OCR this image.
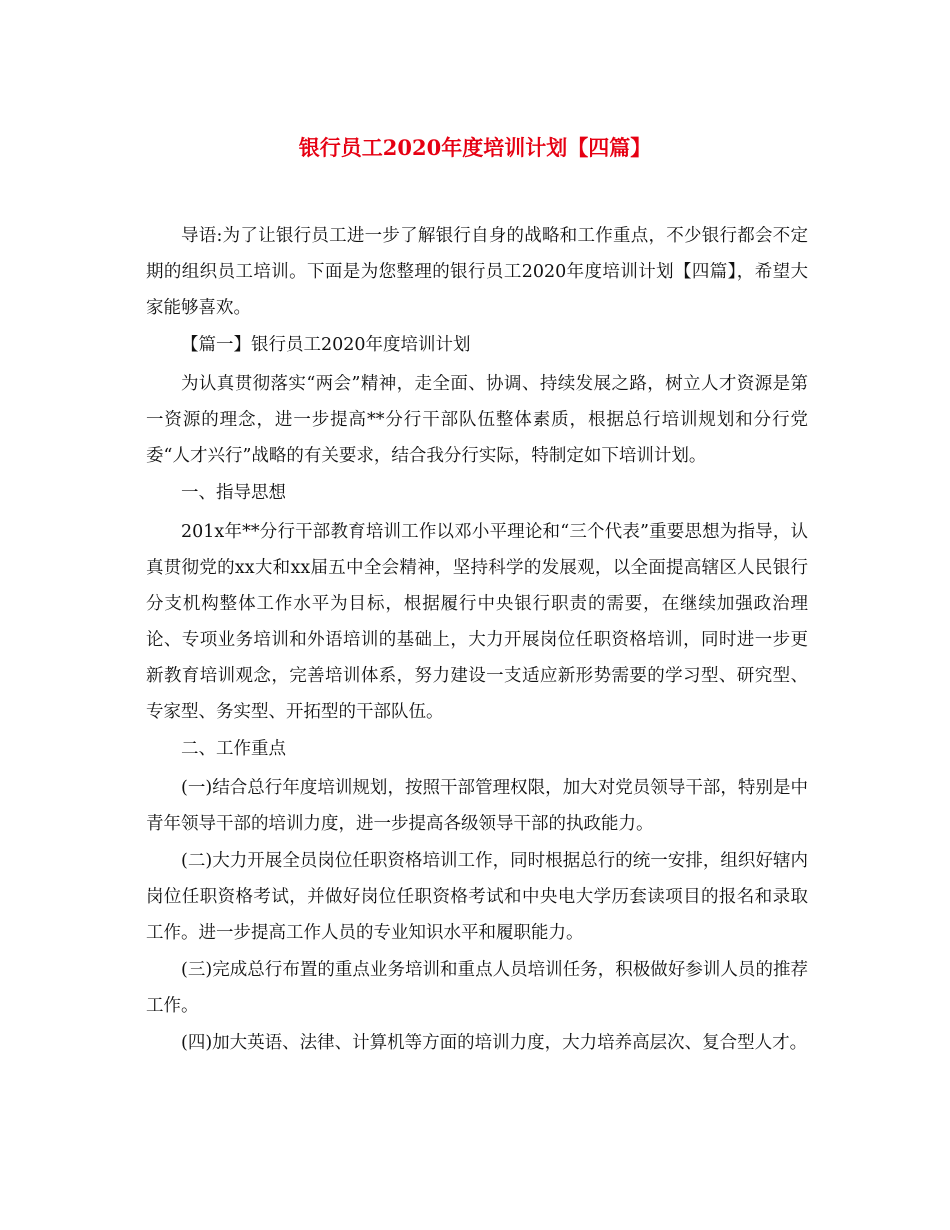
银行员工2020年度培训计划【四篇】

导语:为了让银行员工进一步了解银行自身的战略和工作重点，不少银行都会不定期的组织员工培训。下面是为您整理的银行员工2020年度培训计划【四篇】，希望大家能够喜欢。

【篇一】银行员工2020年度培训计划

为认真贯彻落实“两会”精神，走全面、协调、持续发展之路，树立人才资源是第一资源的理念，进一步提高**分行干部队伍整体素质，根据总行培训规划和分行党委“人才兴行”战略的有关要求，结合我分行实际，特制定如下培训计划。

一、指导思想

201x年**分行干部教育培训工作以邓小平理论和“三个代表”重要思想为指导，认真贯彻党的xx大和xx届五中全会精神，坚持科学的发展观，以全面提高辖区人民银行分支机构整体工作水平为目标，根据履行中央银行职责的需要，在继续加强政治理论、专项业务培训和外语培训的基础上，大力开展岗位任职资格培训，同时进一步更新教育培训观念，完善培训体系，努力建设一支适应新形势需要的学习型、研究型、专家型、务实型、开拓型的干部队伍。

二、工作重点

(一)结合总行年度培训规划，按照干部管理权限，加大对党员领导干部，特别是中青年领导干部的培训力度，进一步提高各级领导干部的执政能力。

(二)大力开展全员岗位任职资格培训工作，同时根据总行的统一安排，组织好辖内岗位任职资格考试，并做好岗位任职资格考试和中央电大学历套读项目的报名和录取工作。进一步提高工作人员的专业知识水平和履职能力。

(三)完成总行布置的重点业务培训和重点人员培训任务，积极做好参训人员的推荐工作。

(四)加大英语、法律、计算机等方面的培训力度，大力培养高层次、复合型人才。
